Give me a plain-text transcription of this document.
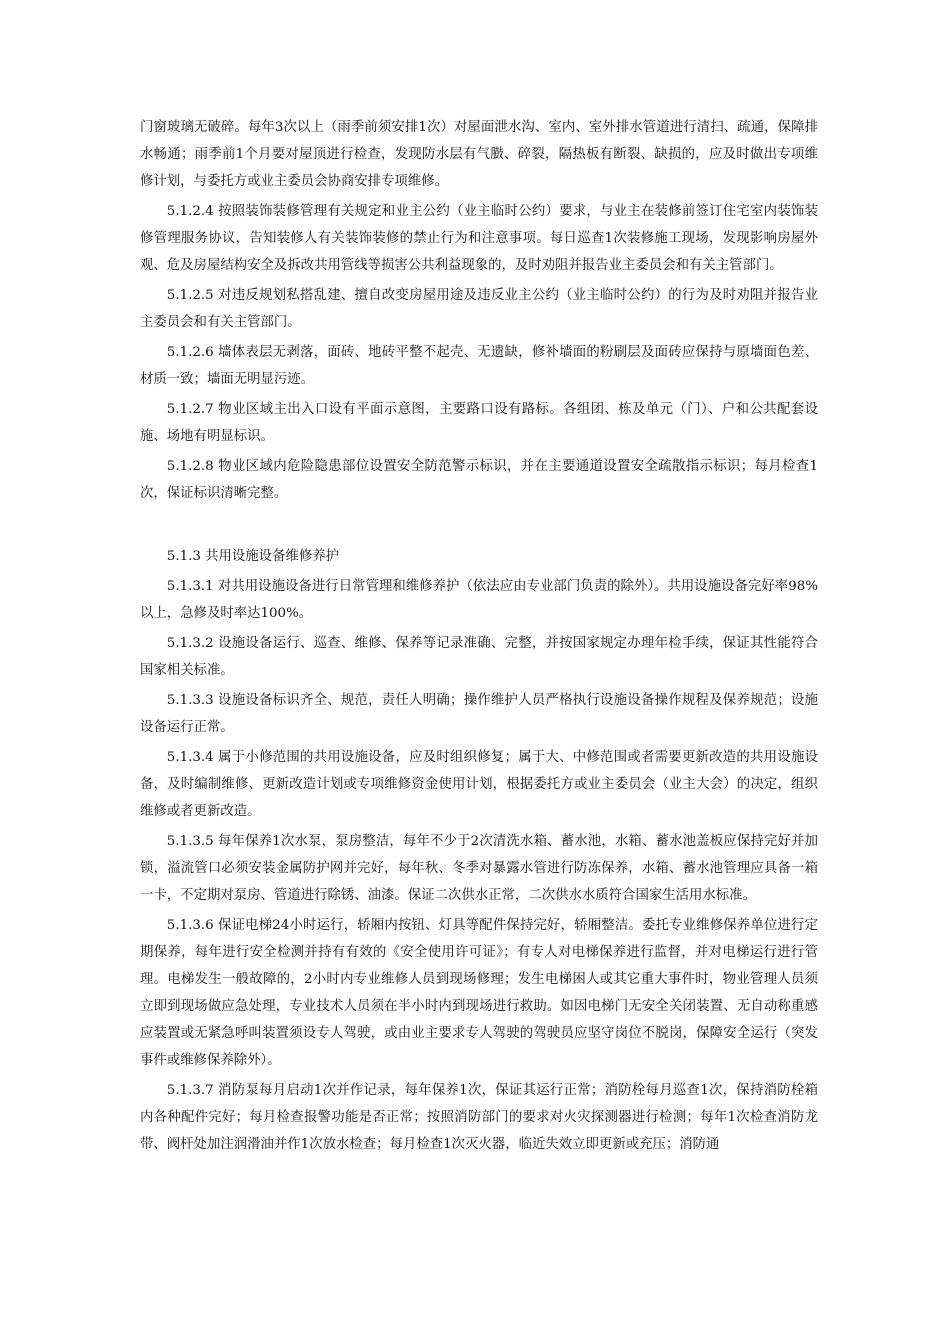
门窗玻璃无破碎。每年3次以上（雨季前须安排1次）对屋面泄水沟、室内、室外排水管道进行清扫、疏通，保障排水畅通；雨季前1个月要对屋顶进行检查，发现防水层有气臌、碎裂，隔热板有断裂、缺损的，应及时做出专项维修计划，与委托方或业主委员会协商安排专项维修。

5.1.2.4 按照装饰装修管理有关规定和业主公约（业主临时公约）要求，与业主在装修前签订住宅室内装饰装修管理服务协议，告知装修人有关装饰装修的禁止行为和注意事项。每日巡查1次装修施工现场，发现影响房屋外观、危及房屋结构安全及拆改共用管线等损害公共利益现象的，及时劝阻并报告业主委员会和有关主管部门。

5.1.2.5 对违反规划私搭乱建、擅自改变房屋用途及违反业主公约（业主临时公约）的行为及时劝阻并报告业主委员会和有关主管部门。

5.1.2.6 墙体表层无剥落，面砖、地砖平整不起壳、无遗缺，修补墙面的粉刷层及面砖应保持与原墙面色差、材质一致；墙面无明显污迹。

5.1.2.7 物业区域主出入口设有平面示意图，主要路口设有路标。各组团、栋及单元（门）、户和公共配套设施、场地有明显标识。

5.1.2.8 物业区域内危险隐患部位设置安全防范警示标识，并在主要通道设置安全疏散指示标识；每月检查1次，保证标识清晰完整。

5.1.3 共用设施设备维修养护

5.1.3.1 对共用设施设备进行日常管理和维修养护（依法应由专业部门负责的除外）。共用设施设备完好率98%以上，急修及时率达100%。

5.1.3.2 设施设备运行、巡查、维修、保养等记录准确、完整，并按国家规定办理年检手续，保证其性能符合国家相关标准。

5.1.3.3 设施设备标识齐全、规范，责任人明确；操作维护人员严格执行设施设备操作规程及保养规范；设施设备运行正常。

5.1.3.4 属于小修范围的共用设施设备，应及时组织修复；属于大、中修范围或者需要更新改造的共用设施设备，及时编制维修、更新改造计划或专项维修资金使用计划，根据委托方或业主委员会（业主大会）的决定，组织维修或者更新改造。

5.1.3.5 每年保养1次水泵，泵房整洁，每年不少于2次清洗水箱、蓄水池，水箱、蓄水池盖板应保持完好并加锁，溢流管口必须安装金属防护网并完好，每年秋、冬季对暴露水管进行防冻保养，水箱、蓄水池管理应具备一箱一卡，不定期对泵房、管道进行除锈、油漆。保证二次供水正常，二次供水水质符合国家生活用水标准。

5.1.3.6 保证电梯24小时运行，轿厢内按钮、灯具等配件保持完好，轿厢整洁。委托专业维修保养单位进行定期保养，每年进行安全检测并持有有效的《安全使用许可证》；有专人对电梯保养进行监督，并对电梯运行进行管理。电梯发生一般故障的，2小时内专业维修人员到现场修理；发生电梯困人或其它重大事件时，物业管理人员须立即到现场做应急处理，专业技术人员须在半小时内到现场进行救助。如因电梯门无安全关闭装置、无自动称重感应装置或无紧急呼叫装置须设专人驾驶，或由业主要求专人驾驶的驾驶员应坚守岗位不脱岗，保障安全运行（突发事件或维修保养除外）。

5.1.3.7 消防泵每月启动1次并作记录，每年保养1次，保证其运行正常；消防栓每月巡查1次，保持消防栓箱内各种配件完好；每月检查报警功能是否正常；按照消防部门的要求对火灾探测器进行检测；每年1次检查消防龙带、阀杆处加注润滑油并作1次放水检查；每月检查1次灭火器，临近失效立即更新或充压；消防通
